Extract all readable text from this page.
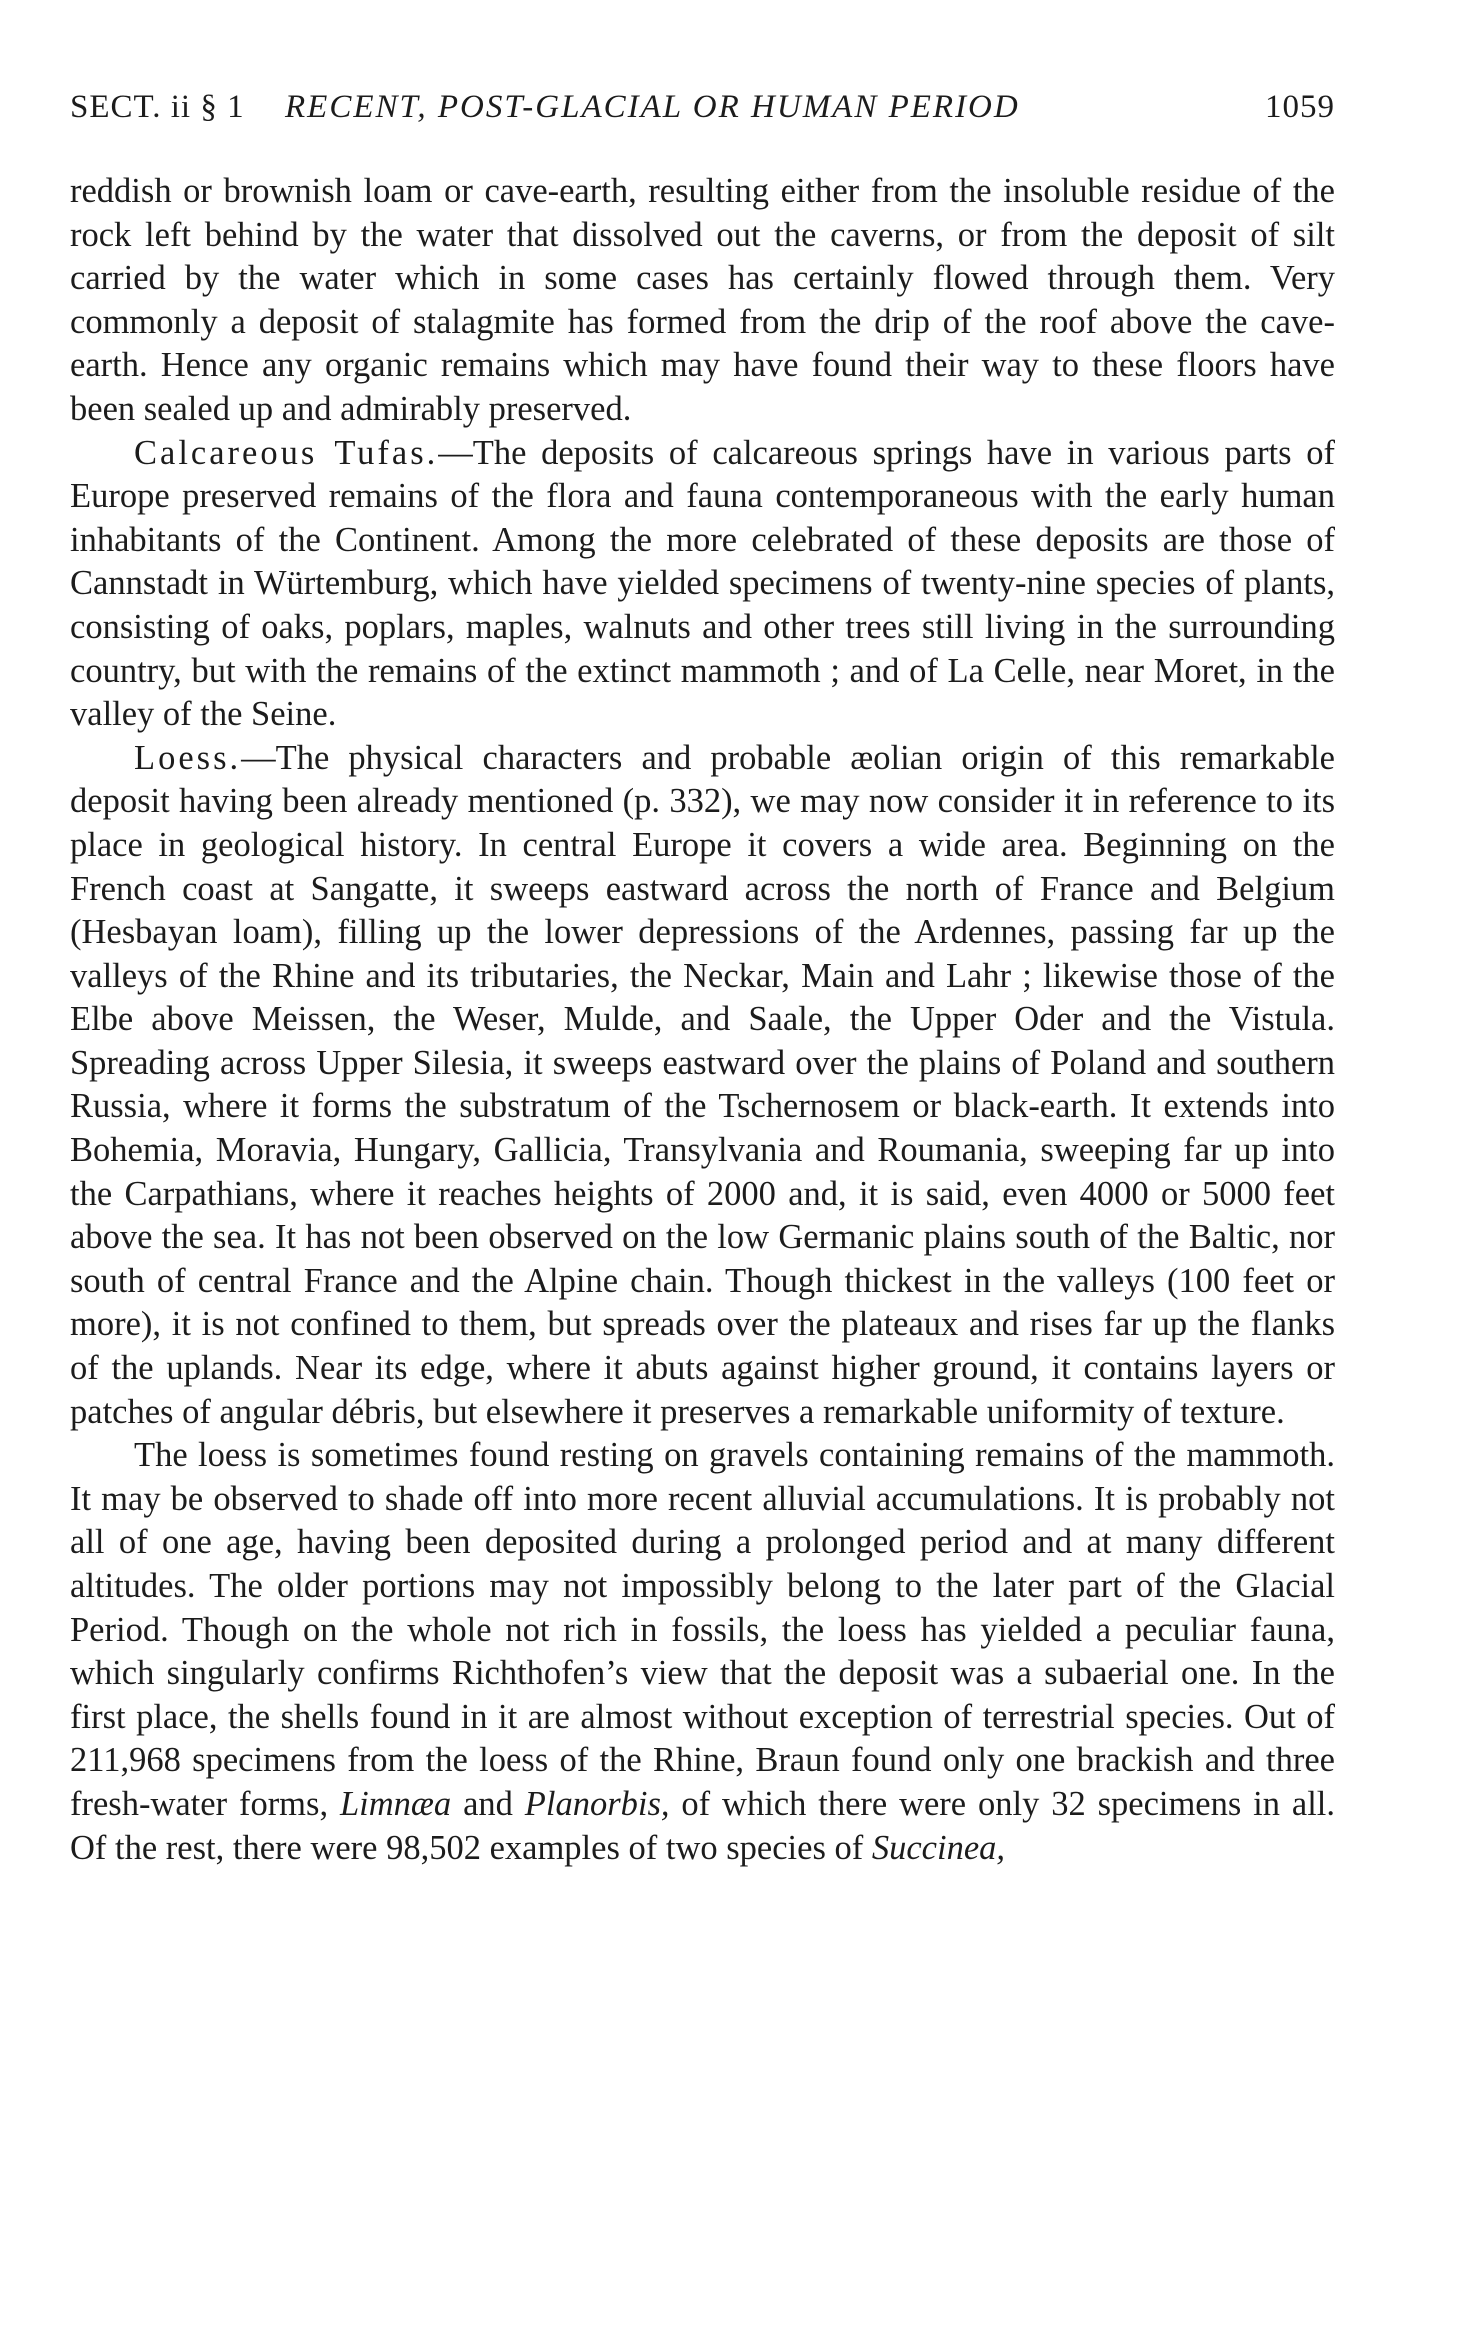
SECT. ii § 1 RECENT, POST-GLACIAL OR HUMAN PERIOD	1059

reddish or brownish loam or cave-earth, resulting either from the insoluble residue of the rock left behind by the water that dissolved out the caverns, or from the deposit of silt carried by the water which in some cases has certainly flowed through them. Very commonly a deposit of stalagmite has formed from the drip of the roof above the cave-earth. Hence any organic remains which may have found their way to these floors have been sealed up and admirably preserved.

Calcareous Tufas.—The deposits of calcareous springs have in various parts of Europe preserved remains of the flora and fauna contemporaneous with the early human inhabitants of the Continent. Among the more celebrated of these deposits are those of Cannstadt in Würtemburg, which have yielded specimens of twenty-nine species of plants, consisting of oaks, poplars, maples, walnuts and other trees still living in the surrounding country, but with the remains of the extinct mammoth ; and of La Celle, near Moret, in the valley of the Seine.

Loess.—The physical characters and probable æolian origin of this remarkable deposit having been already mentioned (p. 332), we may now consider it in reference to its place in geological history. In central Europe it covers a wide area. Beginning on the French coast at Sangatte, it sweeps eastward across the north of France and Belgium (Hesbayan loam), filling up the lower depressions of the Ardennes, passing far up the valleys of the Rhine and its tributaries, the Neckar, Main and Lahr ; likewise those of the Elbe above Meissen, the Weser, Mulde, and Saale, the Upper Oder and the Vistula. Spreading across Upper Silesia, it sweeps eastward over the plains of Poland and southern Russia, where it forms the substratum of the Tschernosem or black-earth. It extends into Bohemia, Moravia, Hungary, Gallicia, Transylvania and Roumania, sweeping far up into the Carpathians, where it reaches heights of 2000 and, it is said, even 4000 or 5000 feet above the sea. It has not been observed on the low Germanic plains south of the Baltic, nor south of central France and the Alpine chain. Though thickest in the valleys (100 feet or more), it is not confined to them, but spreads over the plateaux and rises far up the flanks of the uplands. Near its edge, where it abuts against higher ground, it contains layers or patches of angular débris, but elsewhere it preserves a remarkable uniformity of texture.

The loess is sometimes found resting on gravels containing remains of the mammoth. It may be observed to shade off into more recent alluvial accumulations. It is probably not all of one age, having been deposited during a prolonged period and at many different altitudes. The older portions may not impossibly belong to the later part of the Glacial Period. Though on the whole not rich in fossils, the loess has yielded a peculiar fauna, which singularly confirms Richthofen’s view that the deposit was a subaerial one. In the first place, the shells found in it are almost without exception of terrestrial species. Out of 211,968 specimens from the loess of the Rhine, Braun found only one brackish and three fresh-water forms, Limnæa and Planorbis, of which there were only 32 specimens in all. Of the rest, there were 98,502 examples of two species of Succinea,
